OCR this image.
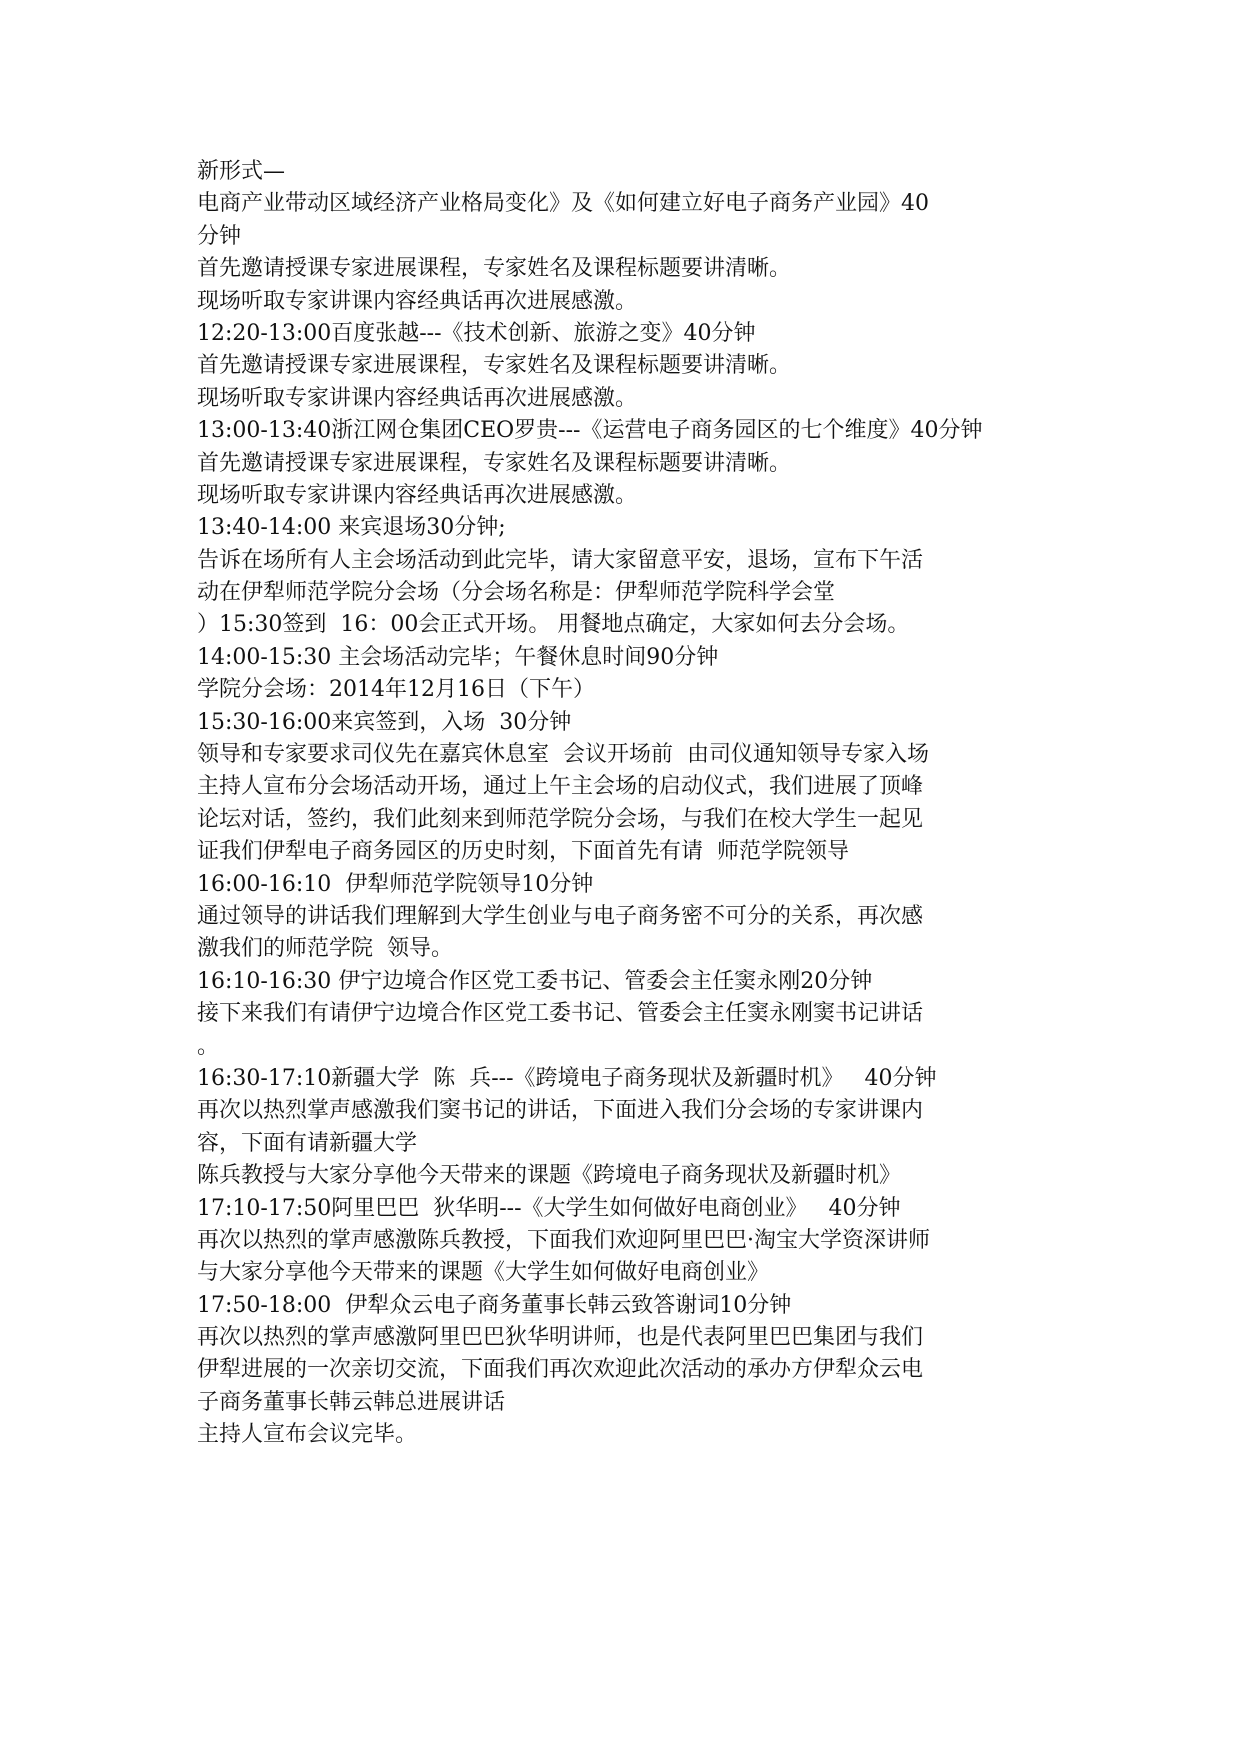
新形式—

电商产业带动区域经济产业格局变化》及《如何建立好电子商务产业园》40

分钟

首先邀请授课专家进展课程，专家姓名及课程标题要讲清晰。

现场听取专家讲课内容经典话再次进展感激。

12:20-13:00百度张越---《技术创新、旅游之变》40分钟

首先邀请授课专家进展课程，专家姓名及课程标题要讲清晰。

现场听取专家讲课内容经典话再次进展感激。

13:00-13:40浙江网仓集团CEO罗贵---《运营电子商务园区的七个维度》40分钟

首先邀请授课专家进展课程，专家姓名及课程标题要讲清晰。

现场听取专家讲课内容经典话再次进展感激。

13:40-14:00 来宾退场30分钟;

告诉在场所有人主会场活动到此完毕，请大家留意平安，退场，宣布下午活

动在伊犁师范学院分会场（分会场名称是：伊犁师范学院科学会堂

）15:30签到  16：00会正式开场。 用餐地点确定，大家如何去分会场。

14:00-15:30 主会场活动完毕；午餐休息时间90分钟

学院分会场：2014年12月16日（下午）

15:30-16:00来宾签到，入场  30分钟

领导和专家要求司仪先在嘉宾休息室  会议开场前  由司仪通知领导专家入场

主持人宣布分会场活动开场，通过上午主会场的启动仪式，我们进展了顶峰

论坛对话，签约，我们此刻来到师范学院分会场，与我们在校大学生一起见

证我们伊犁电子商务园区的历史时刻，下面首先有请  师范学院领导

16:00-16:10  伊犁师范学院领导10分钟

通过领导的讲话我们理解到大学生创业与电子商务密不可分的关系，再次感

激我们的师范学院  领导。

16:10-16:30 伊宁边境合作区党工委书记、管委会主任窦永刚20分钟

接下来我们有请伊宁边境合作区党工委书记、管委会主任窦永刚窦书记讲话

。

16:30-17:10新疆大学  陈  兵---《跨境电子商务现状及新疆时机》   40分钟

再次以热烈掌声感激我们窦书记的讲话，下面进入我们分会场的专家讲课内

容，下面有请新疆大学

陈兵教授与大家分享他今天带来的课题《跨境电子商务现状及新疆时机》

17:10-17:50阿里巴巴  狄华明---《大学生如何做好电商创业》   40分钟

再次以热烈的掌声感激陈兵教授，下面我们欢迎阿里巴巴·淘宝大学资深讲师

与大家分享他今天带来的课题《大学生如何做好电商创业》

17:50-18:00  伊犁众云电子商务董事长韩云致答谢词10分钟

再次以热烈的掌声感激阿里巴巴狄华明讲师，也是代表阿里巴巴集团与我们

伊犁进展的一次亲切交流，下面我们再次欢迎此次活动的承办方伊犁众云电

子商务董事长韩云韩总进展讲话

主持人宣布会议完毕。
